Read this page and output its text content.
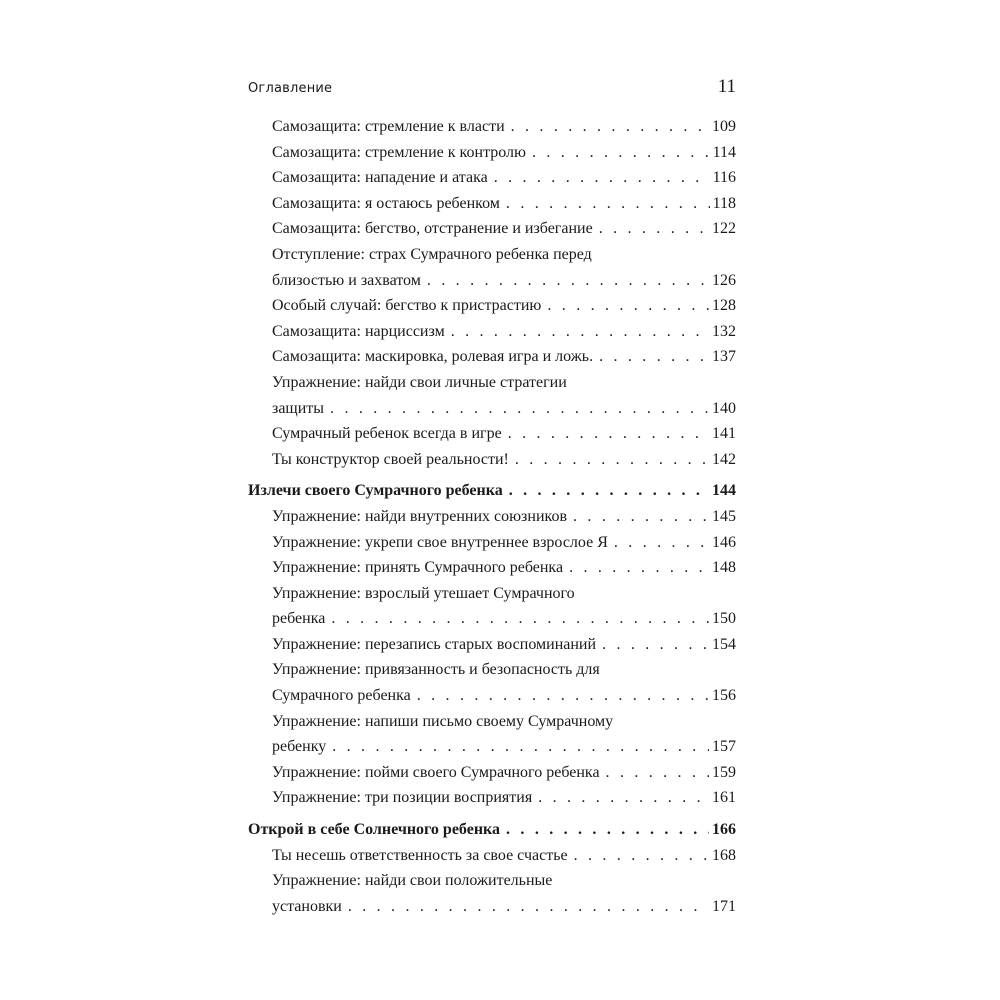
Оглавление	11
Самозащита: стремление к власти . . .	109
Самозащита: стремление к контролю . . .	114
Самозащита: нападение и атака . . .	116
Самозащита: я остаюсь ребенком . . .	118
Самозащита: бегство, отстранение и избегание . . .	122
Отступление: страх Сумрачного ребенка перед
близостью и захватом . . .	126
Особый случай: бегство к пристрастию . . .	128
Самозащита: нарциссизм . . .	132
Самозащита: маскировка, ролевая игра и ложь. . . .	137
Упражнение: найди свои личные стратегии
защиты . . .	140
Сумрачный ребенок всегда в игре . . .	141
Ты конструктор своей реальности! . . .	142
Излечи своего Сумрачного ребенка . . .	144
Упражнение: найди внутренних союзников . . .	145
Упражнение: укрепи свое внутреннее взрослое Я . . .	146
Упражнение: принять Сумрачного ребенка . . .	148
Упражнение: взрослый утешает Сумрачного
ребенка . . .	150
Упражнение: перезапись старых воспоминаний . . .	154
Упражнение: привязанность и безопасность для
Сумрачного ребенка . . .	156
Упражнение: напиши письмо своему Сумрачному
ребенку . . .	157
Упражнение: пойми своего Сумрачного ребенка . . .	159
Упражнение: три позиции восприятия . . .	161
Открой в себе Солнечного ребенка . . .	166
Ты несешь ответственность за свое счастье . . .	168
Упражнение: найди свои положительные
установки . . .	171
